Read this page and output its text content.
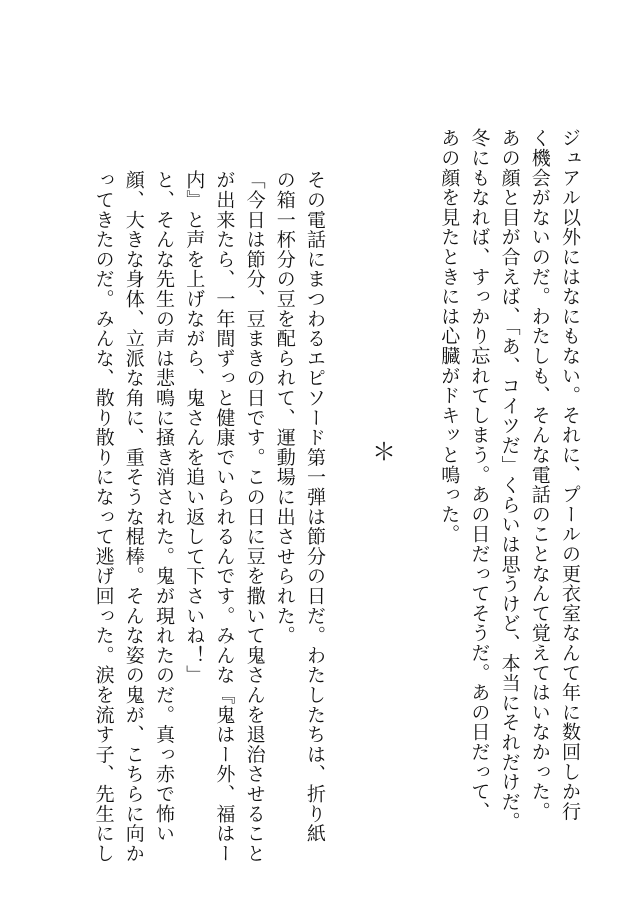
ジュアル以外にはなにもない。それに、プールの更衣室なんて年に数回しか行
く機会がないのだ。わたしも、そんな電話のことなんて覚えてはいなかった。
あの顔と目が合えば、「あ、コイツだ」くらいは思うけど、本当にそれだけだ。
冬にもなれば、すっかり忘れてしまう。あの日だってそうだ。あの日だって、
あの顔を見たときには心臓がドキッと鳴った。
＊
その電話にまつわるエピソード第一弾は節分の日だ。わたしたちは、折り紙
の箱一杯分の豆を配られて、運動場に出させられた。
「今日は節分、豆まきの日です。この日に豆を撒いて鬼さんを退治させること
が出来たら、一年間ずっと健康でいられるんです。みんな『鬼はー外、福はー
内』と声を上げながら、鬼さんを追い返して下さいね！」
と、そんな先生の声は悲鳴に掻き消された。鬼が現れたのだ。真っ赤で怖い
顔、大きな身体、立派な角に、重そうな棍棒。そんな姿の鬼が、こちらに向か
ってきたのだ。みんな、散り散りになって逃げ回った。涙を流す子、先生にし
